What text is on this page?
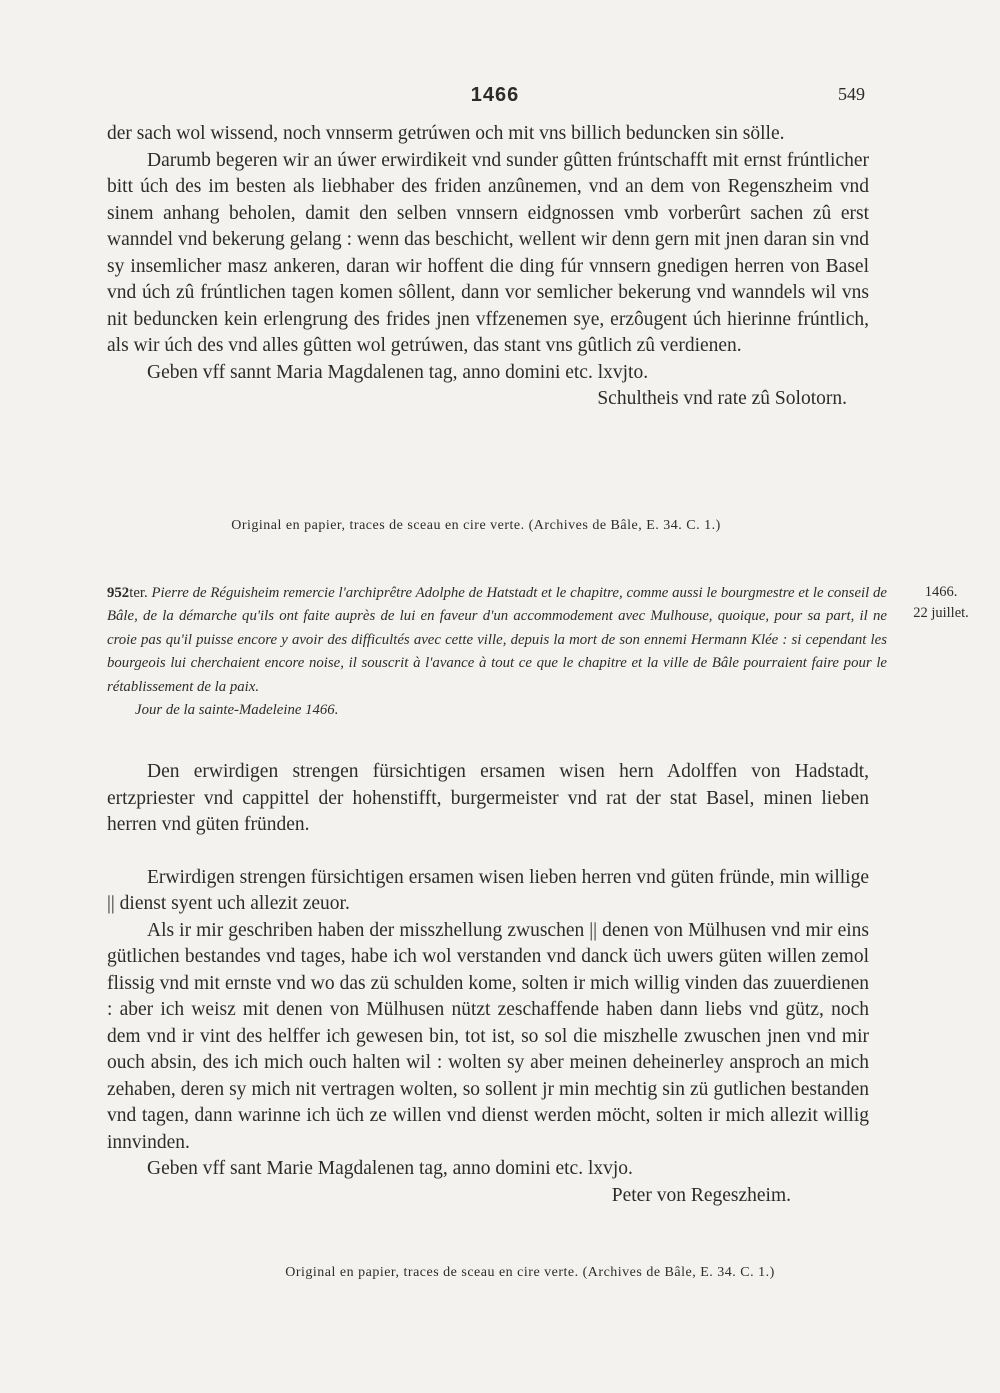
1466	549

der sach wol wissend, noch vnnserm getrúwen och mit vns billich beduncken sin sölle.

Darumb begeren wir an úwer erwirdikeit vnd sunder gûtten frúntschafft mit ernst frúntlicher bitt úch des im besten als liebhaber des friden anzûnemen, vnd an dem von Regenszheim vnd sinem anhang beholen, damit den selben vnnsern eidgnossen vmb vorberûrt sachen zû erst wanndel vnd bekerung gelang : wenn das beschicht, wellent wir denn gern mit jnen daran sin vnd sy insemlicher masz ankeren, daran wir hoffent die ding fúr vnnsern gnedigen herren von Basel vnd úch zû frúntlichen tagen komen sôllent, dann vor semlicher bekerung vnd wanndels wil vns nit beduncken kein erlengrung des frides jnen vffzenemen sye, erzôugent úch hierinne frúntlich, als wir úch des vnd alles gûtten wol getrúwen, das stant vns gûtlich zû verdienen.

Geben vff sannt Maria Magdalenen tag, anno domini etc. lxvjto.

Schultheis vnd rate zû Solotorn.

Original en papier, traces de sceau en cire verte. (Archives de Bâle, E. 34. C. 1.)

952ter. Pierre de Réguisheim remercie l'archiprêtre Adolphe de Hatstadt et le chapitre, comme aussi le bourgmestre et le conseil de Bâle, de la démarche qu'ils ont faite auprès de lui en faveur d'un accommodement avec Mulhouse, quoique, pour sa part, il ne croie pas qu'il puisse encore y avoir des difficultés avec cette ville, depuis la mort de son ennemi Hermann Klée : si cependant les bourgeois lui cherchaient encore noise, il souscrit à l'avance à tout ce que le chapitre et la ville de Bâle pourraient faire pour le rétablissement de la paix.

Jour de la sainte-Madeleine 1466.

1466.
22 juillet.

Den erwirdigen strengen fürsichtigen ersamen wisen hern Adolffen von Hadstadt, ertzpriester vnd cappittel der hohenstifft, burgermeister vnd rat der stat Basel, minen lieben herren vnd güten fründen.

Erwirdigen strengen fürsichtigen ersamen wisen lieben herren vnd güten fründe, min willige || dienst syent uch allezit zeuor.

Als ir mir geschriben haben der misszhellung zwuschen || denen von Mülhusen vnd mir eins gütlichen bestandes vnd tages, habe ich wol verstanden vnd danck üch uwers güten willen zemol flissig vnd mit ernste vnd wo das zü schulden kome, solten ir mich willig vinden das zuuerdienen : aber ich weisz mit denen von Mülhusen nützt zeschaffende haben dann liebs vnd gütz, noch dem vnd ir vint des helffer ich gewesen bin, tot ist, so sol die miszhelle zwuschen jnen vnd mir ouch absin, des ich mich ouch halten wil : wolten sy aber meinen deheinerley ansproch an mich zehaben, deren sy mich nit vertragen wolten, so sollent jr min mechtig sin zü gutlichen bestanden vnd tagen, dann warinne ich üch ze willen vnd dienst werden möcht, solten ir mich allezit willig innvinden.

Geben vff sant Marie Magdalenen tag, anno domini etc. lxvjo.

Peter von Regeszheim.

Original en papier, traces de sceau en cire verte. (Archives de Bâle, E. 34. C. 1.)
